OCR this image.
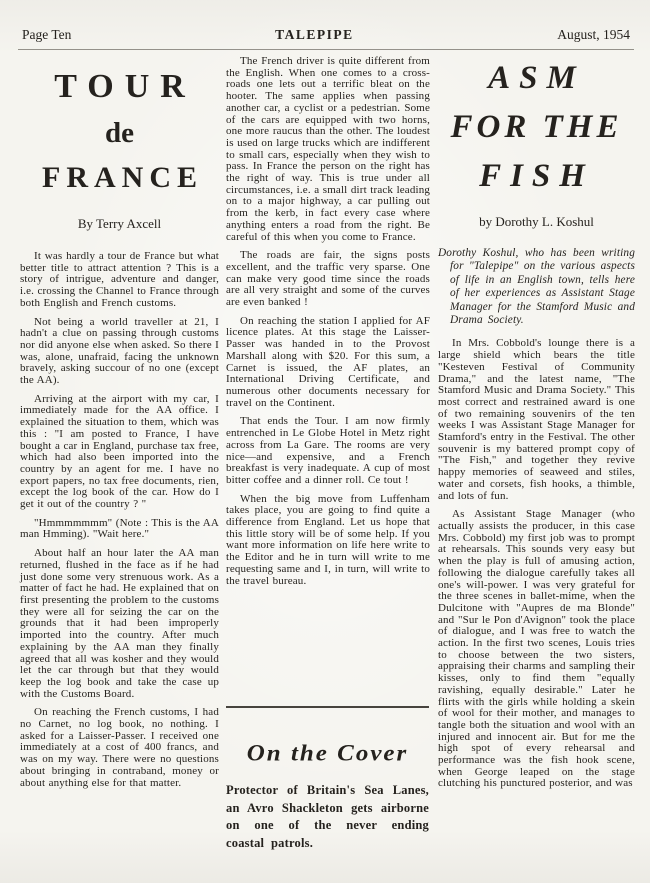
Page Ten	TALEPIPE	August, 1954
TOUR
de
FRANCE
By Terry Axcell

It was hardly a tour de France but what better title to attract attention ? This is a story of intrigue, adventure and danger, i.e. crossing the Channel to France through both English and French customs.

Not being a world traveller at 21, I hadn't a clue on passing through customs nor did anyone else when asked. So there I was, alone, unafraid, facing the unknown bravely, asking succour of no one (except the AA).

Arriving at the airport with my car, I immediately made for the AA office. I explained the situation to them, which was this : "I am posted to France, I have bought a car in England, purchase tax free, which had also been imported into the country by an agent for me. I have no export papers, no tax free documents, rien, except the log book of the car. How do I get it out of the country ? "

"Hmmmmmmm" (Note : This is the AA man Hmming). "Wait here."

About half an hour later the AA man returned, flushed in the face as if he had just done some very strenuous work. As a matter of fact he had. He explained that on first presenting the problem to the customs they were all for seizing the car on the grounds that it had been improperly imported into the country. After much explaining by the AA man they finally agreed that all was kosher and they would let the car through but that they would keep the log book and take the case up with the Customs Board.

On reaching the French customs, I had no Carnet, no log book, no nothing. I asked for a Laisser-Passer. I received one immediately at a cost of 400 francs, and was on my way. There were no questions about bringing in contraband, money or about anything else for that matter.

The French driver is quite different from the English. When one comes to a cross-roads one lets out a terrific bleat on the hooter. The same applies when passing another car, a cyclist or a pedestrian. Some of the cars are equipped with two horns, one more raucus than the other. The loudest is used on large trucks which are indifferent to small cars, especially when they wish to pass. In France the person on the right has the right of way. This is true under all circumstances, i.e. a small dirt track leading on to a major highway, a car pulling out from the kerb, in fact every case where anything enters a road from the right. Be careful of this when you come to France.

The roads are fair, the signs posts excellent, and the traffic very sparse. One can make very good time since the roads are all very straight and some of the curves are even banked !

On reaching the station I applied for AF licence plates. At this stage the Laisser-Passer was handed in to the Provost Marshall along with $20. For this sum, a Carnet is issued, the AF plates, an International Driving Certificate, and numerous other documents necessary for travel on the Continent.

That ends the Tour. I am now firmly entrenched in Le Globe Hotel in Metz right across from La Gare. The rooms are very nice—and expensive, and a French breakfast is very inadequate. A cup of most bitter coffee and a dinner roll. Ce tout !

When the big move from Luffenham takes place, you are going to find quite a difference from England. Let us hope that this little story will be of some help. If you want more information on life here write to the Editor and he in turn will write to me requesting same and I, in turn, will write to the travel bureau.

On the Cover

Protector of Britain's Sea Lanes, an Avro Shackleton gets airborne on one of the never ending coastal patrols.

ASM
FOR THE
FISH
by Dorothy L. Koshul

Dorothy Koshul, who has been writing for "Talepipe" on the various aspects of life in an English town, tells here of her experiences as Assistant Stage Manager for the Stamford Music and Drama Society.

In Mrs. Cobbold's lounge there is a large shield which bears the title "Kesteven Festival of Community Drama," and the latest name, "The Stamford Music and Drama Society." This most correct and restrained award is one of two remaining souvenirs of the ten weeks I was Assistant Stage Manager for Stamford's entry in the Festival. The other souvenir is my battered prompt copy of "The Fish," and together they revive happy memories of seaweed and stiles, water and corsets, fish hooks, a thimble, and lots of fun.

As Assistant Stage Manager (who actually assists the producer, in this case Mrs. Cobbold) my first job was to prompt at rehearsals. This sounds very easy but when the play is full of amusing action, following the dialogue carefully takes all one's will-power. I was very grateful for the three scenes in ballet-mime, when the Dulcitone with "Aupres de ma Blonde" and "Sur le Pon d'Avignon" took the place of dialogue, and I was free to watch the action. In the first two scenes, Louis tries to choose between the two sisters, appraising their charms and sampling their kisses, only to find them "equally ravishing, equally desirable." Later he flirts with the girls while holding a skein of wool for their mother, and manages to tangle both the situation and wool with an injured and innocent air. But for me the high spot of every rehearsal and performance was the fish hook scene, when George leaped on the stage clutching his punctured posterior, and was
